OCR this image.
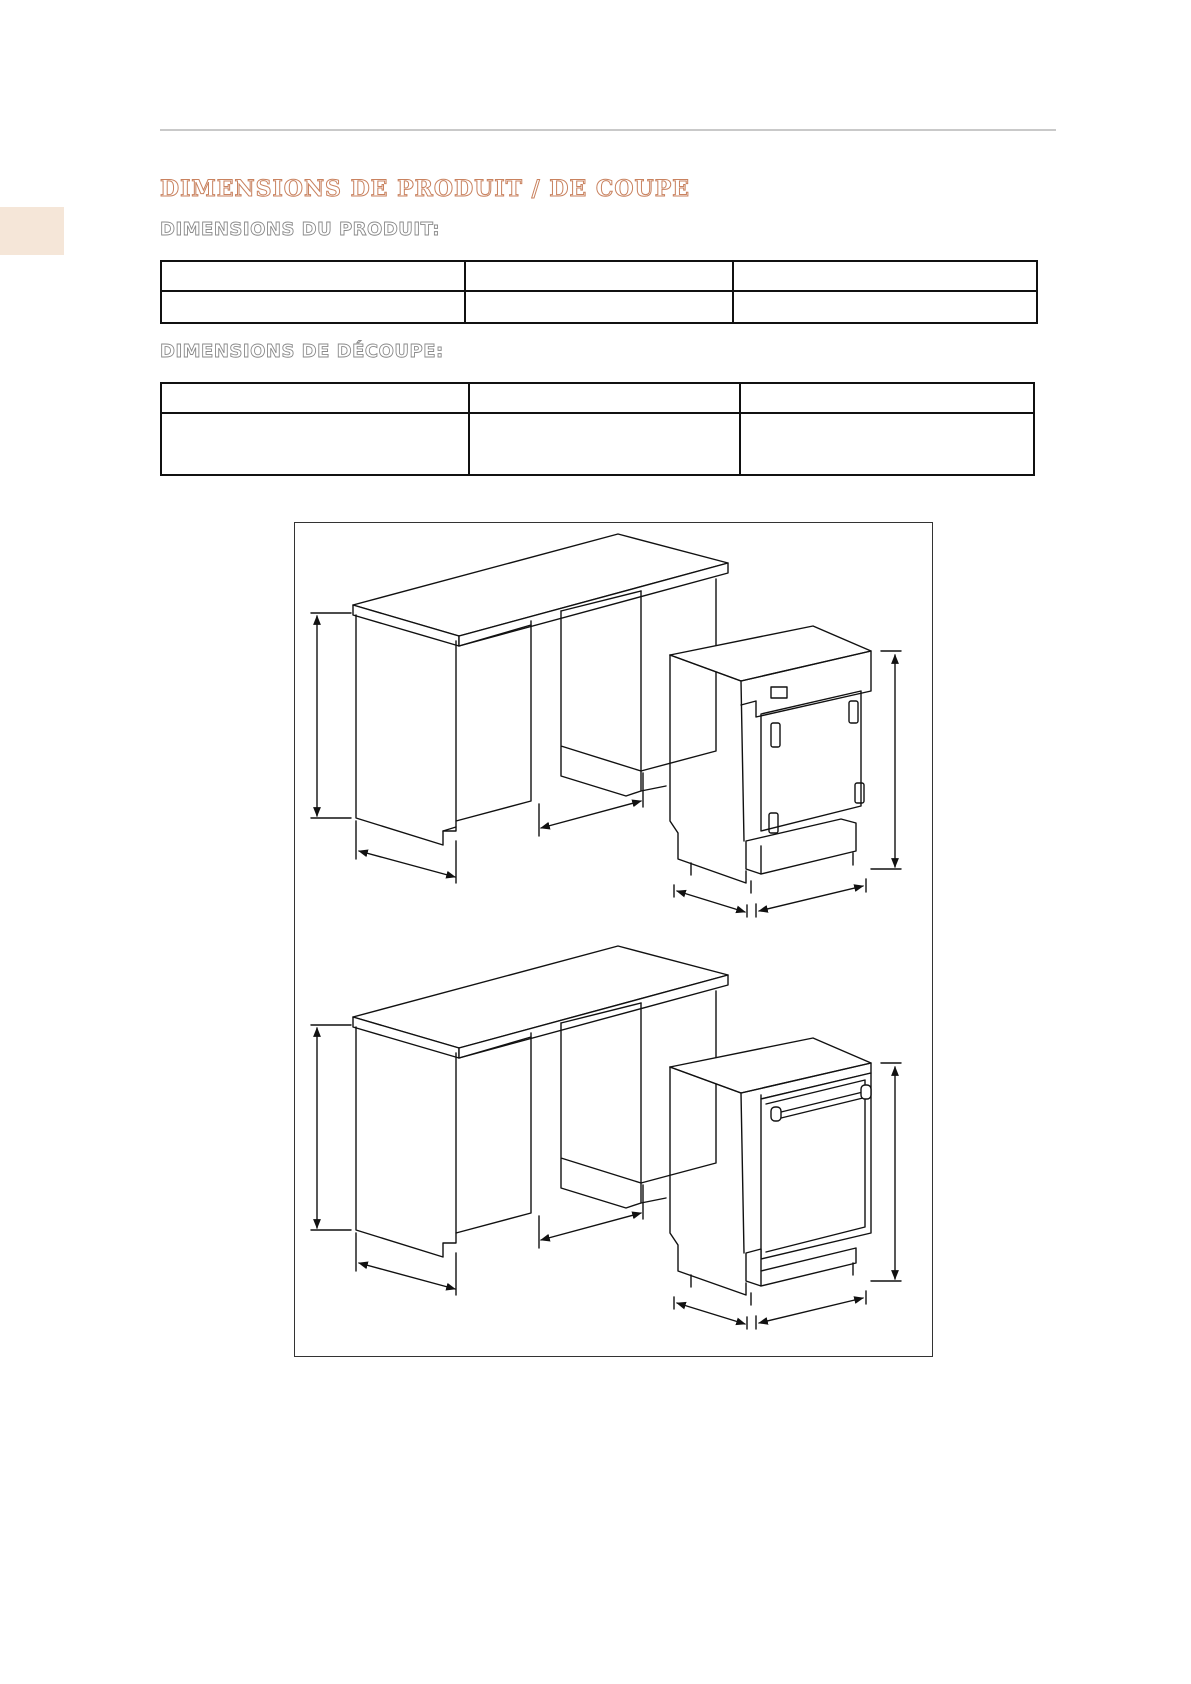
DIMENSIONS DE PRODUIT / DE COUPE
DIMENSIONS DU PRODUIT:

DIMENSIONS DE DÉCOUPE:
